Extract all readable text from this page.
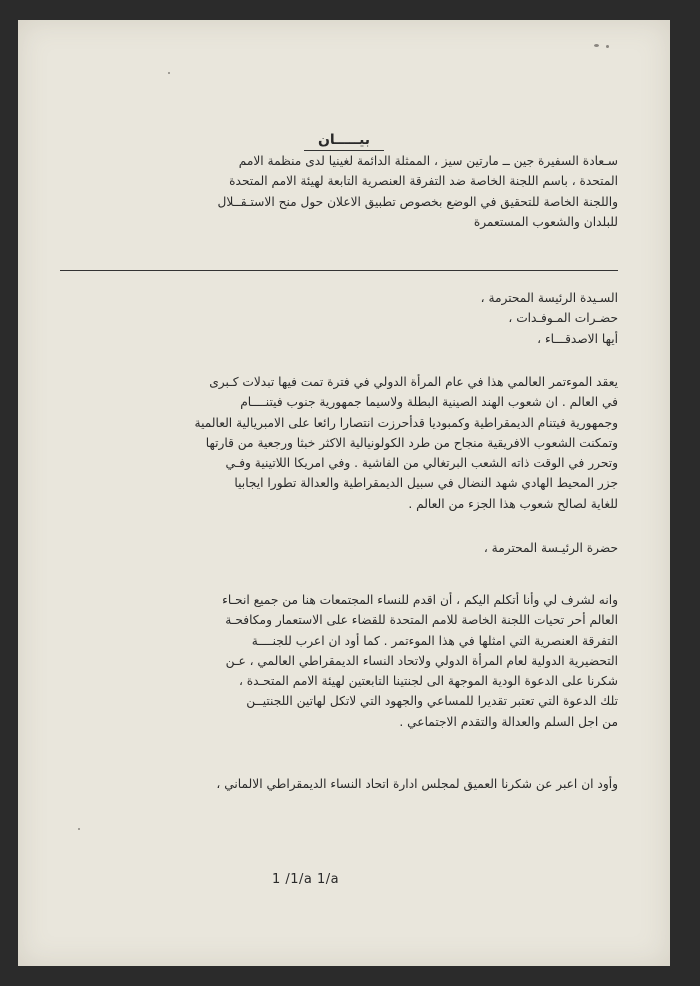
بيـــــان
سـعادة السفيرة جين ــ مارتين سيز ، الممثلة الدائمة لغينيا لدى منظمة الامم
المتحدة ، باسم اللجنة الخاصة ضد التفرقة العنصرية التابعة لهيئة الامم المتحدة
واللجنة الخاصة للتحقيق في الوضع بخصوص تطبيق الاعلان حول منح الاستـقــلال
للبلدان والشعوب المستعمرة
السـيدة الرئيسة المحترمة ،
حضـرات المـوفـدات ،
أيها الاصدقـــاء ،
يعقد الموءتمر العالمي هذا في عام المرأة الدولي في فترة تمت فيها تبدلات كـبرى
في العالم . ان شعوب الهند الصينية البطلة ولاسيما جمهورية جنوب فيتنــــام
وجمهورية فيتنام الديمقراطية وكمبوديا قدأحرزت انتصارا رائعا على الامبريالية العالمية
وتمكنت الشعوب الافريقية منجاح من طرد الكولونيالية الاكثر خبثا ورجعية من قارتها
وتحرر في الوقت ذاته الشعب البرتغالي من الفاشية . وفي امريكا اللاتينية وفـي
جزر المحيط الهادي شهد النضال في سبيل الديمقراطية والعدالة تطورا ايجابيا
للغاية لصالح شعوب هذا الجزء من العالم .
حضرة الرئيـسة المحترمة ،
وانه لشرف لي وأنا أتكلم اليكم ، أن اقدم للنساء المجتمعات هنا من جميع انحـاء
العالم أحر تحيات اللجنة الخاصة للامم المتحدة للقضاء على الاستعمار ومكافحـة
التفرقة العنصرية التي امثلها في هذا الموءتمر . كما أود ان اعرب للجنــــة
التحضيرية الدولية لعام المرأة الدولي ولاتحاد النساء الديمقراطي العالمي ، عـن
شكرنا على الدعوة الودية الموجهة الى لجنتينا التابعتين لهيئة الامم المتحـدة ،
تلك الدعوة التي تعتبر تقديرا للمساعي والجهود التي لاتكل لهاتين اللجنتيــن
من اجل السلم والعدالة والتقدم الاجتماعي .
وأود ان اعبر عن شكرنا العميق لمجلس ادارة اتحاد النساء الديمقراطي الالماني ،
1 /1/a 1/a
